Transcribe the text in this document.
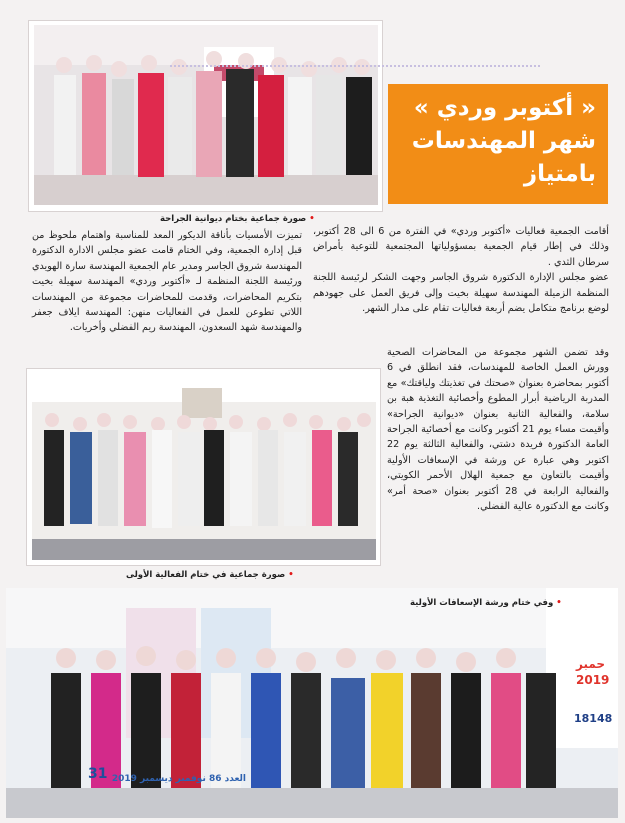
• صورة جماعية بختام ديوانية الجراحة
« أكتوبر وردي »
شهر المهندسات
بامتياز

تميزت الأمسيات بأناقة الديكور المعد للمناسبة واهتمام ملحوظ من قبل إدارة الجمعية، وفي الختام قامت عضو مجلس الادارة الدكتورة المهندسة شروق الجاسر ومدير عام الجمعية المهندسة سارة الهويدي ورئيسة اللجنة المنظمة لـ «أكتوبر وردي» المهندسة سهيلة بخيت بتكريم المحاضرات، وقدمت للمحاضرات مجموعة من المهندسات اللاتي تطوعن للعمل في الفعاليات منهن: المهندسة ايلاف جعفر والمهندسة شهد السعدون، المهندسة ريم الفضلي وأخريات.

أقامت الجمعية فعاليات «أكتوبر وردي» في الفترة من 6 الى 28 أكتوبر، وذلك في إطار قيام الجمعية بمسؤولياتها المجتمعية للتوعية بأمراض سرطان الثدي .

عضو مجلس الإدارة الدكتورة شروق الجاسر وجهت الشكر لرئيسة اللجنة المنظمة الزميلة المهندسة سهيلة بخيت وإلى فريق العمل على جهودهم لوضع برنامج متكامل يضم أربعة فعاليات تقام على مدار الشهر.

وقد تضمن الشهر مجموعة من المحاضرات الصحية وورش العمل الخاصة للمهندسات، فقد انطلق في 6 أكتوبر بمحاضرة بعنوان «صحتك في تغذيتك ولياقتك» مع المدربة الرياضية أبرار المطوع وأخصائية التغذية هبة بن سلامة، والفعالية الثانية بعنوان «ديوانية الجراحة» وأقيمت مساء يوم 21 أكتوبر وكانت مع أخصائية الجراحة العامة الدكتورة فريدة دشتي، والفعالية الثالثة يوم 22 اكتوبر وهي عبارة عن ورشة في الإسعافات الأولية وأقيمت بالتعاون مع جمعية الهلال الأحمر الكويتي، والفعالية الرابعة في 28 أكتوبر بعنوان «صحة أمر» وكانت مع الدكتورة عالية الفضلي.

• صورة جماعية في ختام الفعالية الأولى
• وفي ختام ورشة الإسعافات الأولية
حمبر
2019
18148
31 العدد 86 نوفمبر ديسمبر 2019
